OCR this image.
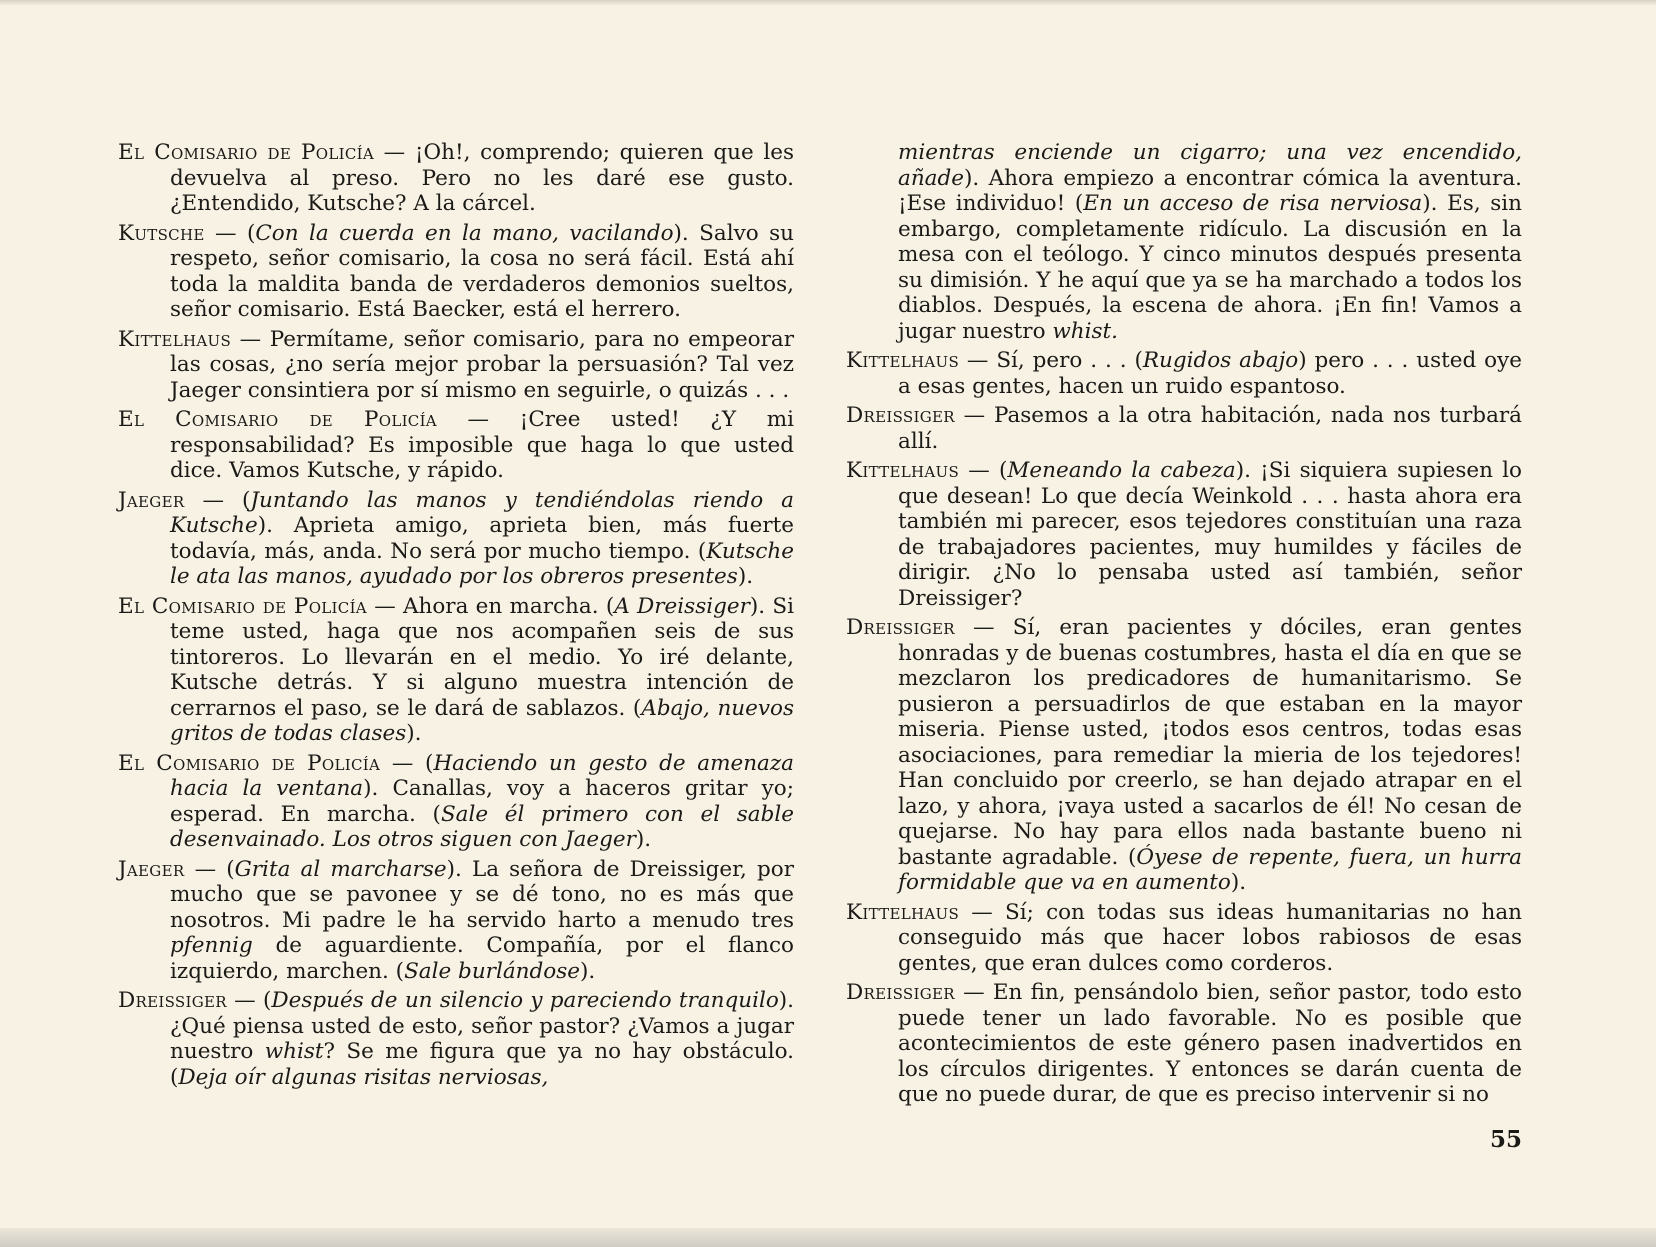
El Comisario de Policía — ¡Oh!, comprendo; quieren que les devuelva al preso. Pero no les daré ese gusto. ¿Entendido, Kutsche? A la cárcel.

Kutsche — (Con la cuerda en la mano, vacilando). Salvo su respeto, señor comisario, la cosa no será fácil. Está ahí toda la maldita banda de verdaderos demonios sueltos, señor comisario. Está Baecker, está el herrero.

Kittelhaus — Permítame, señor comisario, para no empeorar las cosas, ¿no sería mejor probar la persuasión? Tal vez Jaeger consintiera por sí mismo en seguirle, o quizás . . .

El Comisario de Policía — ¡Cree usted! ¿Y mi responsabilidad? Es imposible que haga lo que usted dice. Vamos Kutsche, y rápido.

Jaeger — (Juntando las manos y tendiéndolas riendo a Kutsche). Aprieta amigo, aprieta bien, más fuerte todavía, más, anda. No será por mucho tiempo. (Kutsche le ata las manos, ayudado por los obreros presentes).

El Comisario de Policía — Ahora en marcha. (A Dreissiger). Si teme usted, haga que nos acompañen seis de sus tintoreros. Lo llevarán en el medio. Yo iré delante, Kutsche detrás. Y si alguno muestra intención de cerrarnos el paso, se le dará de sablazos. (Abajo, nuevos gritos de todas clases).

El Comisario de Policía — (Haciendo un gesto de amenaza hacia la ventana). Canallas, voy a haceros gritar yo; esperad. En marcha. (Sale él primero con el sable desenvainado. Los otros siguen con Jaeger).

Jaeger — (Grita al marcharse). La señora de Dreissiger, por mucho que se pavonee y se dé tono, no es más que nosotros. Mi padre le ha servido harto a menudo tres pfennig de aguardiente. Compañía, por el flanco izquierdo, marchen. (Sale burlándose).

Dreissiger — (Después de un silencio y pareciendo tranquilo). ¿Qué piensa usted de esto, señor pastor? ¿Vamos a jugar nuestro whist? Se me figura que ya no hay obstáculo. (Deja oír algunas risitas nerviosas,

mientras enciende un cigarro; una vez encendido, añade). Ahora empiezo a encontrar cómica la aventura. ¡Ese individuo! (En un acceso de risa nerviosa). Es, sin embargo, completamente ridículo. La discusión en la mesa con el teólogo. Y cinco minutos después presenta su dimisión. Y he aquí que ya se ha marchado a todos los diablos. Después, la escena de ahora. ¡En fin! Vamos a jugar nuestro whist.

Kittelhaus — Sí, pero . . . (Rugidos abajo) pero . . . usted oye a esas gentes, hacen un ruido espantoso.

Dreissiger — Pasemos a la otra habitación, nada nos turbará allí.

Kittelhaus — (Meneando la cabeza). ¡Si siquiera supiesen lo que desean! Lo que decía Weinkold . . . hasta ahora era también mi parecer, esos tejedores constituían una raza de trabajadores pacientes, muy humildes y fáciles de dirigir. ¿No lo pensaba usted así también, señor Dreissiger?

Dreissiger — Sí, eran pacientes y dóciles, eran gentes honradas y de buenas costumbres, hasta el día en que se mezclaron los predicadores de humanitarismo. Se pusieron a persuadirlos de que estaban en la mayor miseria. Piense usted, ¡todos esos centros, todas esas asociaciones, para remediar la mieria de los tejedores! Han concluido por creerlo, se han dejado atrapar en el lazo, y ahora, ¡vaya usted a sacarlos de él! No cesan de quejarse. No hay para ellos nada bastante bueno ni bastante agradable. (Óyese de repente, fuera, un hurra formidable que va en aumento).

Kittelhaus — Sí; con todas sus ideas humanitarias no han conseguido más que hacer lobos rabiosos de esas gentes, que eran dulces como corderos.

Dreissiger — En fin, pensándolo bien, señor pastor, todo esto puede tener un lado favorable. No es posible que acontecimientos de este género pasen inadvertidos en los círculos dirigentes. Y entonces se darán cuenta de que no puede durar, de que es preciso intervenir si no

55
